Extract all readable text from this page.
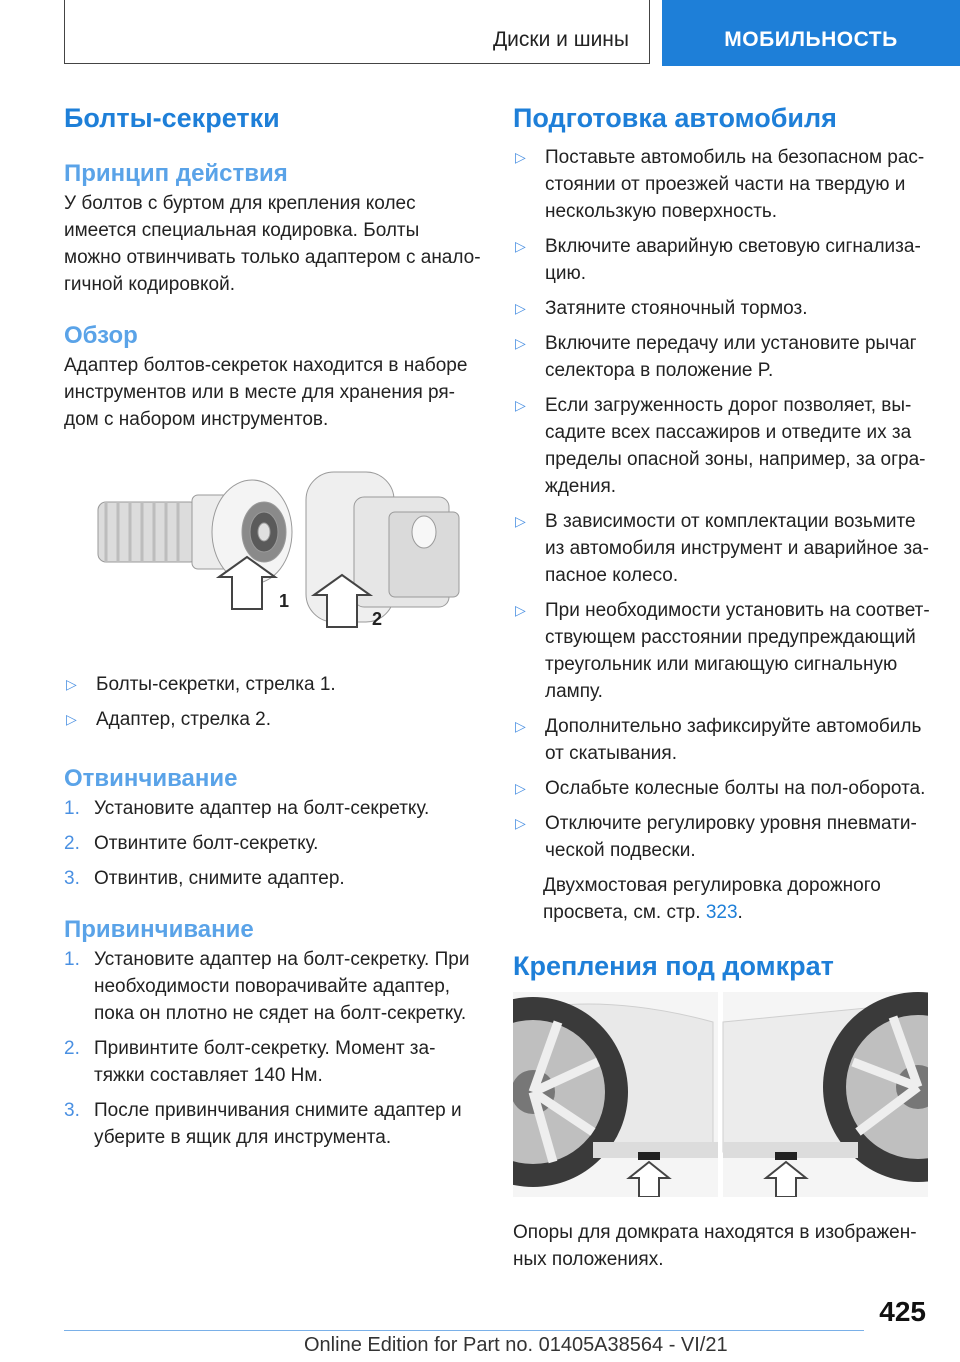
Диски и шины	МОБИЛЬНОСТЬ
Болты-секретки
Принцип действия

У болтов с буртом для крепления колес

имеется специальная кодировка. Болты

можно отвинчивать только адаптером с анало-

гичной кодировкой.

Обзор

Адаптер болтов-секреток находится в наборе

инструментов или в месте для хранения ря-

дом с набором инструментов.

1
2
▷	Болты-секретки, стрелка 1.
▷	Адаптер, стрелка 2.
Отвинчивание
1. Установите адаптер на болт-секретку.
2. Отвинтите болт-секретку.
3. Отвинтив, снимите адаптер.
Привинчивание
1. Установите адаптер на болт-секретку. При
необходимости поворачивайте адаптер,
пока он плотно не сядет на болт-секретку.
2. Привинтите болт-секретку. Момент за-
тяжки составляет 140 Нм.
3. После привинчивания снимите адаптер и
уберите в ящик для инструмента.
Подготовка автомобиля
▷	Поставьте автомобиль на безопасном рас-
стоянии от проезжей части на твердую и
нескользкую поверхность.
▷	Включите аварийную световую сигнализа-
цию.
▷	Затяните стояночный тормоз.
▷	Включите передачу или установите рычаг
селектора в положение P.
▷	Если загруженность дорог позволяет, вы-
садите всех пассажиров и отведите их за
пределы опасной зоны, например, за огра-
ждения.
▷	В зависимости от комплектации возьмите
из автомобиля инструмент и аварийное за-
пасное колесо.
▷	При необходимости установить на соответ-
ствующем расстоянии предупреждающий
треугольник или мигающую сигнальную
лампу.
▷	Дополнительно зафиксируйте автомобиль
от скатывания.
▷	Ослабьте колесные болты на пол-оборота.
▷	Отключите регулировку уровня пневмати-
ческой подвески.

Двухмостовая регулировка дорожного

просвета, см. стр. 323.

Крепления под домкрат

Опоры для домкрата находятся в изображен-

ных положениях.

425
Online Edition for Part no. 01405A38564 - VI/21
